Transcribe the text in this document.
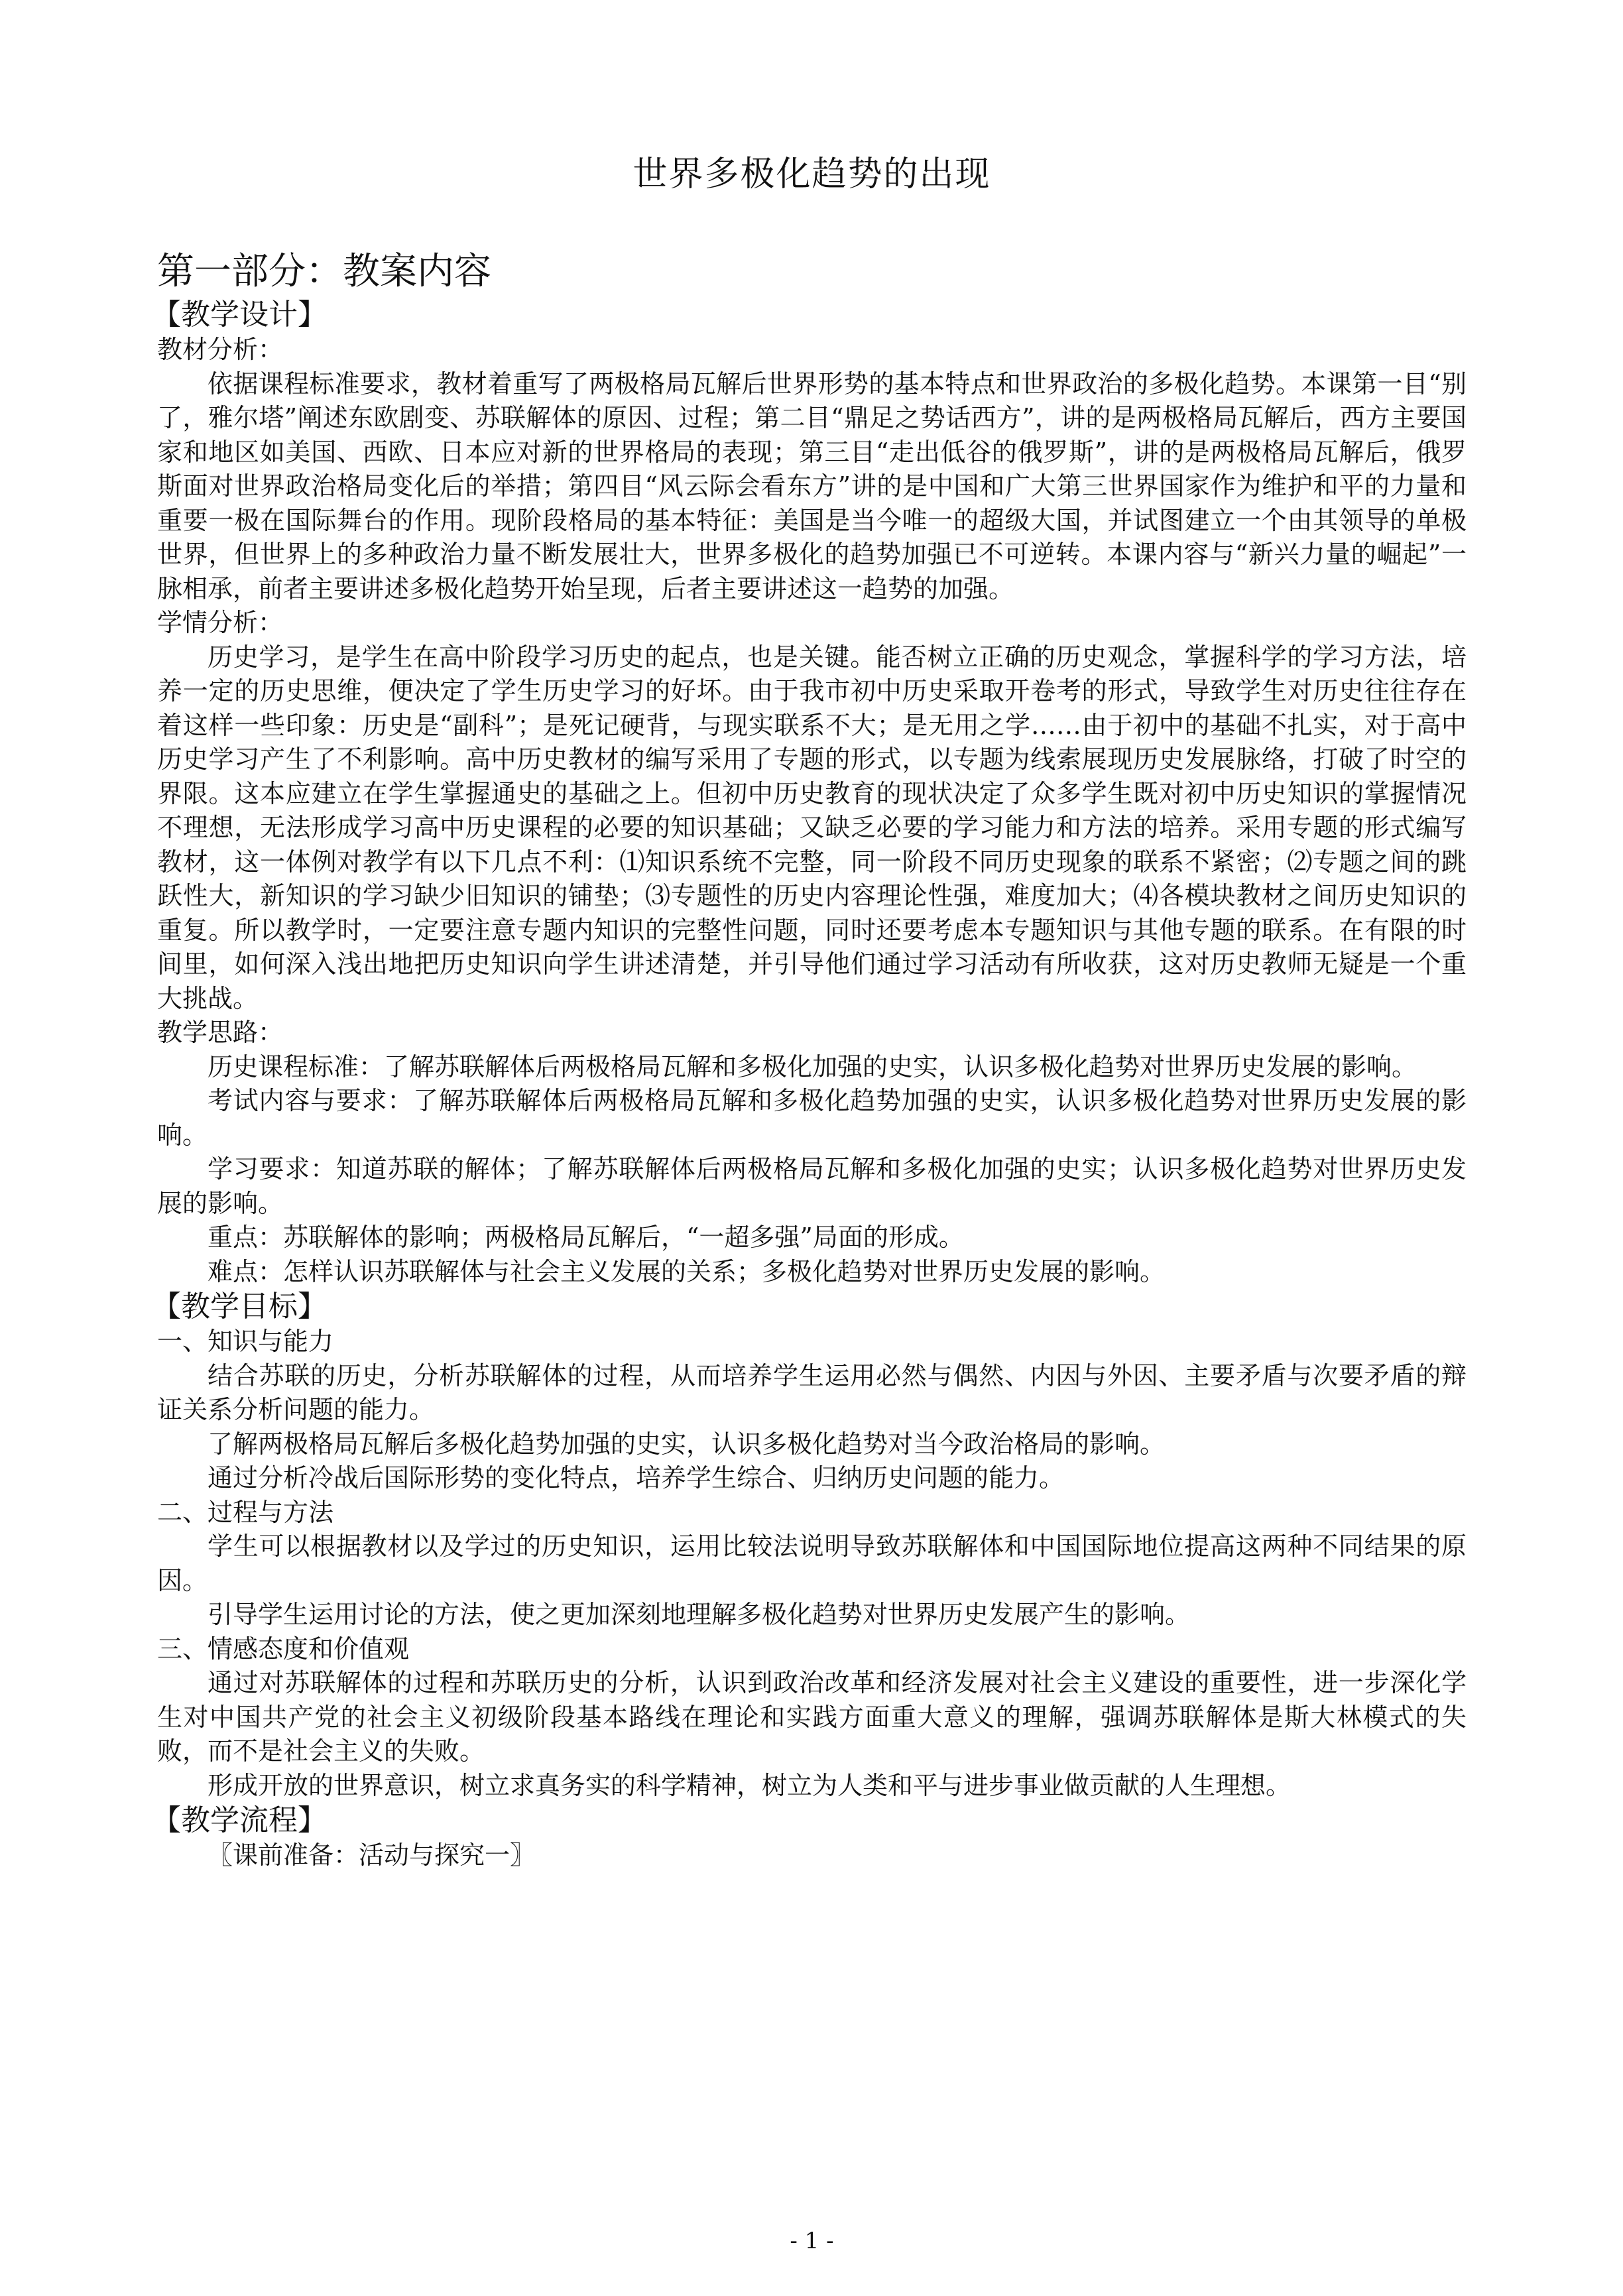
世界多极化趋势的出现
第一部分：教案内容
【教学设计】

教材分析：

依据课程标准要求，教材着重写了两极格局瓦解后世界形势的基本特点和世界政治的多极化趋势。本课第一目“别了，雅尔塔”阐述东欧剧变、苏联解体的原因、过程；第二目“鼎足之势话西方”，讲的是两极格局瓦解后，西方主要国家和地区如美国、西欧、日本应对新的世界格局的表现；第三目“走出低谷的俄罗斯”，讲的是两极格局瓦解后，俄罗斯面对世界政治格局变化后的举措；第四目“风云际会看东方”讲的是中国和广大第三世界国家作为维护和平的力量和重要一极在国际舞台的作用。现阶段格局的基本特征：美国是当今唯一的超级大国，并试图建立一个由其领导的单极世界，但世界上的多种政治力量不断发展壮大，世界多极化的趋势加强已不可逆转。本课内容与“新兴力量的崛起”一脉相承，前者主要讲述多极化趋势开始呈现，后者主要讲述这一趋势的加强。

学情分析：

历史学习，是学生在高中阶段学习历史的起点，也是关键。能否树立正确的历史观念，掌握科学的学习方法，培养一定的历史思维，便决定了学生历史学习的好坏。由于我市初中历史采取开卷考的形式，导致学生对历史往往存在着这样一些印象：历史是“副科”；是死记硬背，与现实联系不大；是无用之学……由于初中的基础不扎实，对于高中历史学习产生了不利影响。高中历史教材的编写采用了专题的形式，以专题为线索展现历史发展脉络，打破了时空的界限。这本应建立在学生掌握通史的基础之上。但初中历史教育的现状决定了众多学生既对初中历史知识的掌握情况不理想，无法形成学习高中历史课程的必要的知识基础；又缺乏必要的学习能力和方法的培养。采用专题的形式编写教材，这一体例对教学有以下几点不利：⑴知识系统不完整，同一阶段不同历史现象的联系不紧密；⑵专题之间的跳跃性大，新知识的学习缺少旧知识的铺垫；⑶专题性的历史内容理论性强，难度加大；⑷各模块教材之间历史知识的重复。所以教学时，一定要注意专题内知识的完整性问题，同时还要考虑本专题知识与其他专题的联系。在有限的时间里，如何深入浅出地把历史知识向学生讲述清楚，并引导他们通过学习活动有所收获，这对历史教师无疑是一个重大挑战。

教学思路：

历史课程标准：了解苏联解体后两极格局瓦解和多极化加强的史实，认识多极化趋势对世界历史发展的影响。

考试内容与要求：了解苏联解体后两极格局瓦解和多极化趋势加强的史实，认识多极化趋势对世界历史发展的影响。

学习要求：知道苏联的解体；了解苏联解体后两极格局瓦解和多极化加强的史实；认识多极化趋势对世界历史发展的影响。

重点：苏联解体的影响；两极格局瓦解后，“一超多强”局面的形成。

难点：怎样认识苏联解体与社会主义发展的关系；多极化趋势对世界历史发展的影响。

【教学目标】

一、知识与能力

结合苏联的历史，分析苏联解体的过程，从而培养学生运用必然与偶然、内因与外因、主要矛盾与次要矛盾的辩证关系分析问题的能力。

了解两极格局瓦解后多极化趋势加强的史实，认识多极化趋势对当今政治格局的影响。

通过分析冷战后国际形势的变化特点，培养学生综合、归纳历史问题的能力。

二、过程与方法

学生可以根据教材以及学过的历史知识，运用比较法说明导致苏联解体和中国国际地位提高这两种不同结果的原因。

引导学生运用讨论的方法，使之更加深刻地理解多极化趋势对世界历史发展产生的影响。

三、情感态度和价值观

通过对苏联解体的过程和苏联历史的分析，认识到政治改革和经济发展对社会主义建设的重要性，进一步深化学生对中国共产党的社会主义初级阶段基本路线在理论和实践方面重大意义的理解，强调苏联解体是斯大林模式的失败，而不是社会主义的失败。

形成开放的世界意识，树立求真务实的科学精神，树立为人类和平与进步事业做贡献的人生理想。

【教学流程】

〖课前准备：活动与探究一〗

- 1 -
